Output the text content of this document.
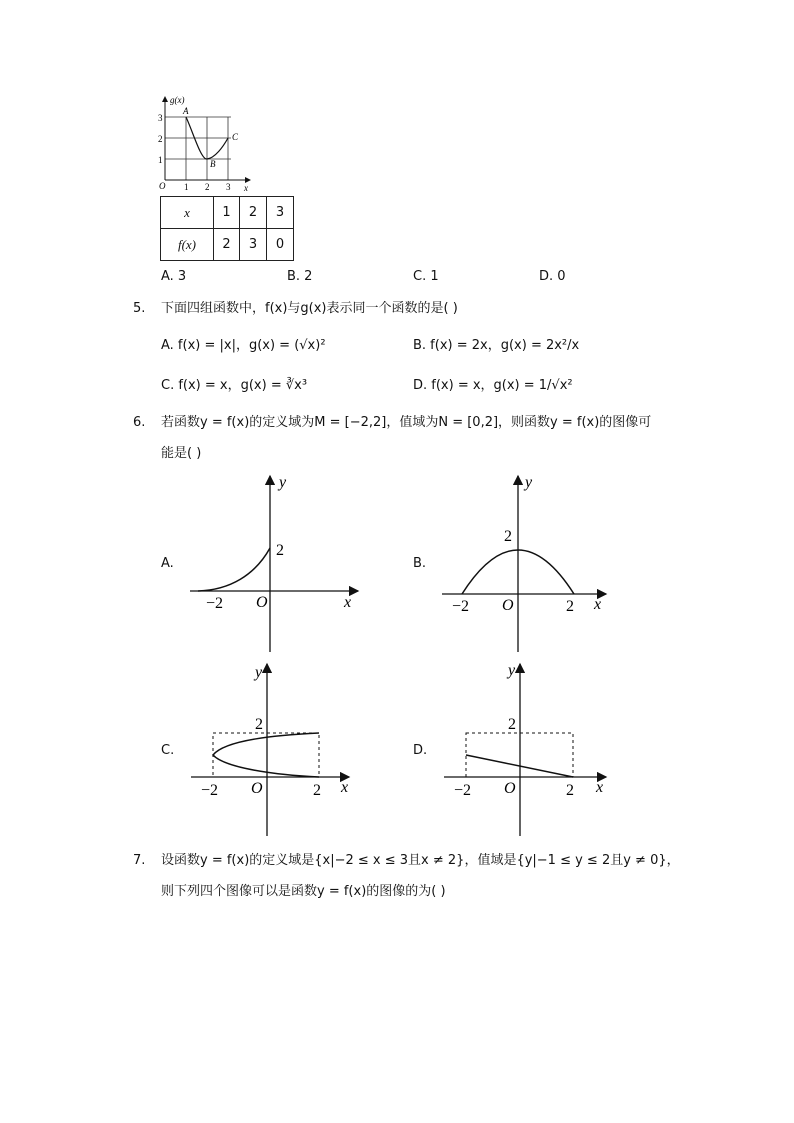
g(x)
x
O
3
2
1
1 2 3
A
B
C
x	1	2	3
f(x)	2	3	0
A. 3	B. 2	C. 1	D. 0
5. 下面四组函数中，f(x)与g(x)表示同一个函数的是( )
A. f(x) = |x|，g(x) = (√x)²	B. f(x) = 2x，g(x) = 2x²/x
C. f(x) = x，g(x) = ∛x³	D. f(x) = x，g(x) = 1/√x²
6. 若函数y = f(x)的定义域为M = [−2,2]，值域为N = [0,2]，则函数y = f(x)的图像可
能是( )
A.	B.
C.	D.
y
x
O
−2
2
y
x
O
−2	2
2
y
x
O
−2	2
2
y
x
O
−2	2
2
7. 设函数y = f(x)的定义域是{x|−2 ≤ x ≤ 3且x ≠ 2}，值域是{y|−1 ≤ y ≤ 2且y ≠ 0}，
则下列四个图像可以是函数y = f(x)的图像的为( )
